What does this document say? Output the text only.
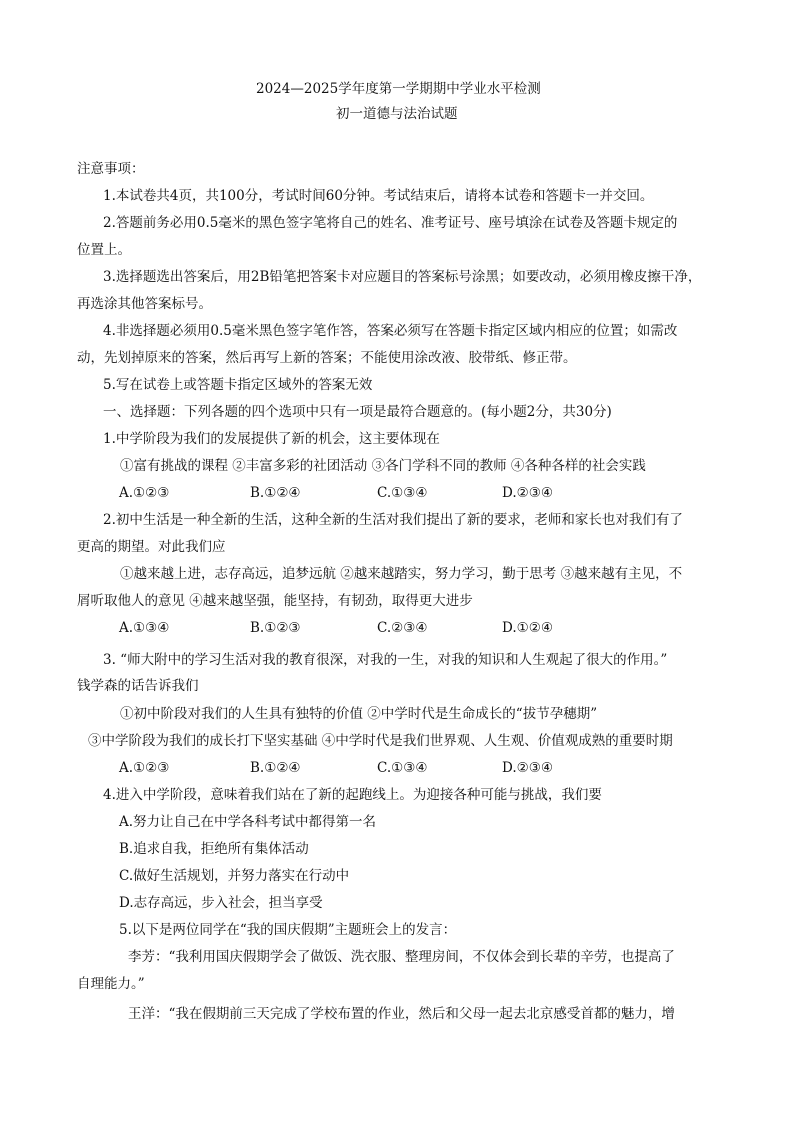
2024—2025学年度第一学期期中学业水平检测
初一道德与法治试题
注意事项：
1.本试卷共4页，共100分，考试时间60分钟。考试结束后，请将本试卷和答题卡一并交回。
2.答题前务必用0.5毫米的黑色签字笔将自己的姓名、准考证号、座号填涂在试卷及答题卡规定的
位置上。
3.选择题选出答案后，用2B铅笔把答案卡对应题目的答案标号涂黑；如要改动，必须用橡皮擦干净，
再选涂其他答案标号。
4.非选择题必须用0.5毫米黑色签字笔作答，答案必须写在答题卡指定区域内相应的位置；如需改
动，先划掉原来的答案，然后再写上新的答案；不能使用涂改液、胶带纸、修正带。
5.写在试卷上或答题卡指定区域外的答案无效
一、选择题：下列各题的四个选项中只有一项是最符合题意的。(每小题2分，共30分)
1.中学阶段为我们的发展提供了新的机会，这主要体现在
①富有挑战的课程 ②丰富多彩的社团活动 ③各门学科不同的教师 ④各种各样的社会实践
A.①②③	B.①②④	C.①③④	D.②③④
2.初中生活是一种全新的生活，这种全新的生活对我们提出了新的要求，老师和家长也对我们有了
更高的期望。对此我们应
①越来越上进，志存高远，追梦远航 ②越来越踏实，努力学习，勤于思考 ③越来越有主见，不
屑听取他人的意见 ④越来越坚强，能坚持，有韧劲，取得更大进步
A.①③④	B.①②③	C.②③④	D.①②④
3. “师大附中的学习生活对我的教育很深，对我的一生，对我的知识和人生观起了很大的作用。”
钱学森的话告诉我们
①初中阶段对我们的人生具有独特的价值 ②中学时代是生命成长的“拔节孕穗期”
③中学阶段为我们的成长打下坚实基础 ④中学时代是我们世界观、人生观、价值观成熟的重要时期
A.①②③	B.①②④	C.①③④	D.②③④
4.进入中学阶段，意味着我们站在了新的起跑线上。为迎接各种可能与挑战，我们要
A.努力让自己在中学各科考试中都得第一名
B.追求自我，拒绝所有集体活动
C.做好生活规划，并努力落实在行动中
D.志存高远，步入社会，担当享受
5.以下是两位同学在“我的国庆假期”主题班会上的发言：
李芳：“我利用国庆假期学会了做饭、洗衣服、整理房间，不仅体会到长辈的辛劳，也提高了
自理能力。”
王洋：“我在假期前三天完成了学校布置的作业，然后和父母一起去北京感受首都的魅力，增
